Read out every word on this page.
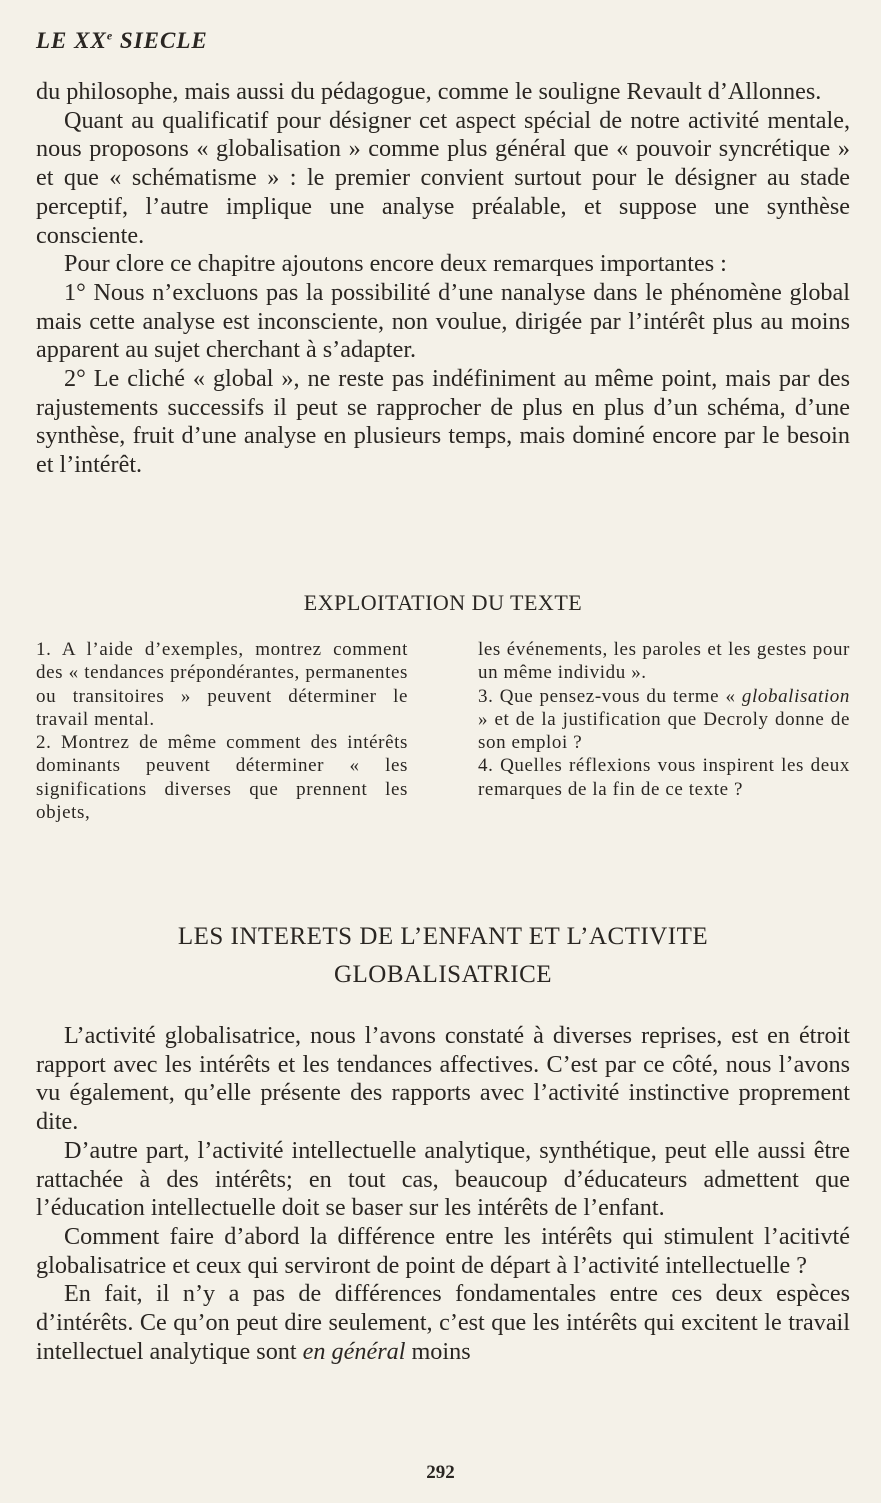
LE XXe SIECLE

du philosophe, mais aussi du pédagogue, comme le souligne Revault d’Allonnes.

Quant au qualificatif pour désigner cet aspect spécial de notre activité mentale, nous proposons « globalisation » comme plus général que « pouvoir syncrétique » et que « schématisme » : le premier convient surtout pour le désigner au stade perceptif, l’autre implique une analyse préalable, et suppose une synthèse consciente.

Pour clore ce chapitre ajoutons encore deux remarques importantes :

1° Nous n’excluons pas la possibilité d’une nanalyse dans le phénomène global mais cette analyse est inconsciente, non voulue, dirigée par l’intérêt plus au moins apparent au sujet cherchant à s’adapter.

2° Le cliché « global », ne reste pas indéfiniment au même point, mais par des rajustements successifs il peut se rapprocher de plus en plus d’un schéma, d’une synthèse, fruit d’une analyse en plusieurs temps, mais dominé encore par le besoin et l’intérêt.

EXPLOITATION DU TEXTE

1. A l’aide d’exemples, montrez comment des « tendances prépondérantes, permanentes ou transitoires » peuvent déterminer le travail mental.

2. Montrez de même comment des intérêts dominants peuvent déterminer « les significations diverses que prennent les objets,

les événements, les paroles et les gestes pour un même individu ».

3. Que pensez-vous du terme « globalisation » et de la justification que Decroly donne de son emploi ?

4. Quelles réflexions vous inspirent les deux remarques de la fin de ce texte ?

LES INTERETS DE L’ENFANT ET L’ACTIVITE
GLOBALISATRICE

L’activité globalisatrice, nous l’avons constaté à diverses reprises, est en étroit rapport avec les intérêts et les tendances affectives. C’est par ce côté, nous l’avons vu également, qu’elle présente des rapports avec l’activité instinctive proprement dite.

D’autre part, l’activité intellectuelle analytique, synthétique, peut elle aussi être rattachée à des intérêts; en tout cas, beaucoup d’éducateurs admettent que l’éducation intellectuelle doit se baser sur les intérêts de l’enfant.

Comment faire d’abord la différence entre les intérêts qui stimulent l’acitivté globalisatrice et ceux qui serviront de point de départ à l’activité intellectuelle ?

En fait, il n’y a pas de différences fondamentales entre ces deux espèces d’intérêts. Ce qu’on peut dire seulement, c’est que les intérêts qui excitent le travail intellectuel analytique sont en général moins

292
